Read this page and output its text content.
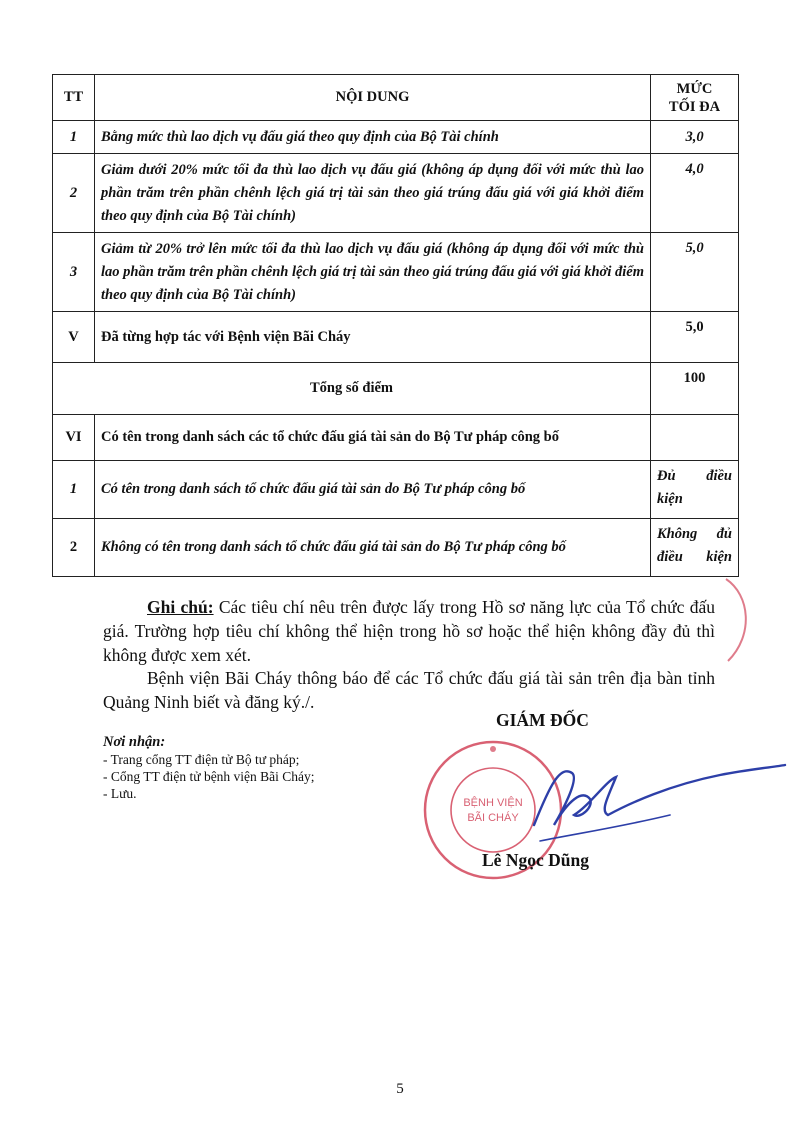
TT	NỘI DUNG	MỨC
TỐI ĐA
1	Bằng mức thù lao dịch vụ đấu giá theo quy định của Bộ Tài chính	3,0
2	Giảm dưới 20% mức tối đa thù lao dịch vụ đấu giá (không áp dụng đối với mức thù lao phần trăm trên phần chênh lệch giá trị tài sản theo giá trúng đấu giá với giá khởi điểm theo quy định của Bộ Tài chính)	4,0
3	Giảm từ 20% trở lên mức tối đa thù lao dịch vụ đấu giá (không áp dụng đối với mức thù lao phần trăm trên phần chênh lệch giá trị tài sản theo giá trúng đấu giá với giá khởi điểm theo quy định của Bộ Tài chính)	5,0
V	Đã từng hợp tác với Bệnh viện Bãi Cháy	5,0
Tổng số điểm		100
VI	Có tên trong danh sách các tổ chức đấu giá tài sản do Bộ Tư pháp công bố	
1	Có tên trong danh sách tổ chức đấu giá tài sản do Bộ Tư pháp công bố	Đủ điều kiện
2	Không có tên trong danh sách tổ chức đấu giá tài sản do Bộ Tư pháp công bố	Không đủ điều kiện
Ghi chú: Các tiêu chí nêu trên được lấy trong Hồ sơ năng lực của Tổ chức đấu giá. Trường hợp tiêu chí không thể hiện trong hồ sơ hoặc thể hiện không đầy đủ thì không được xem xét.
Bệnh viện Bãi Cháy thông báo để các Tổ chức đấu giá tài sản trên địa bàn tỉnh Quảng Ninh biết và đăng ký./.
Nơi nhận:
- Trang cổng TT điện tử Bộ tư pháp;
- Cổng TT điện tử bệnh viện Bãi Cháy;
- Lưu.
GIÁM ĐỐC
BỆNH VIỆN
BÃI CHÁY
Lê Ngọc Dũng
5
